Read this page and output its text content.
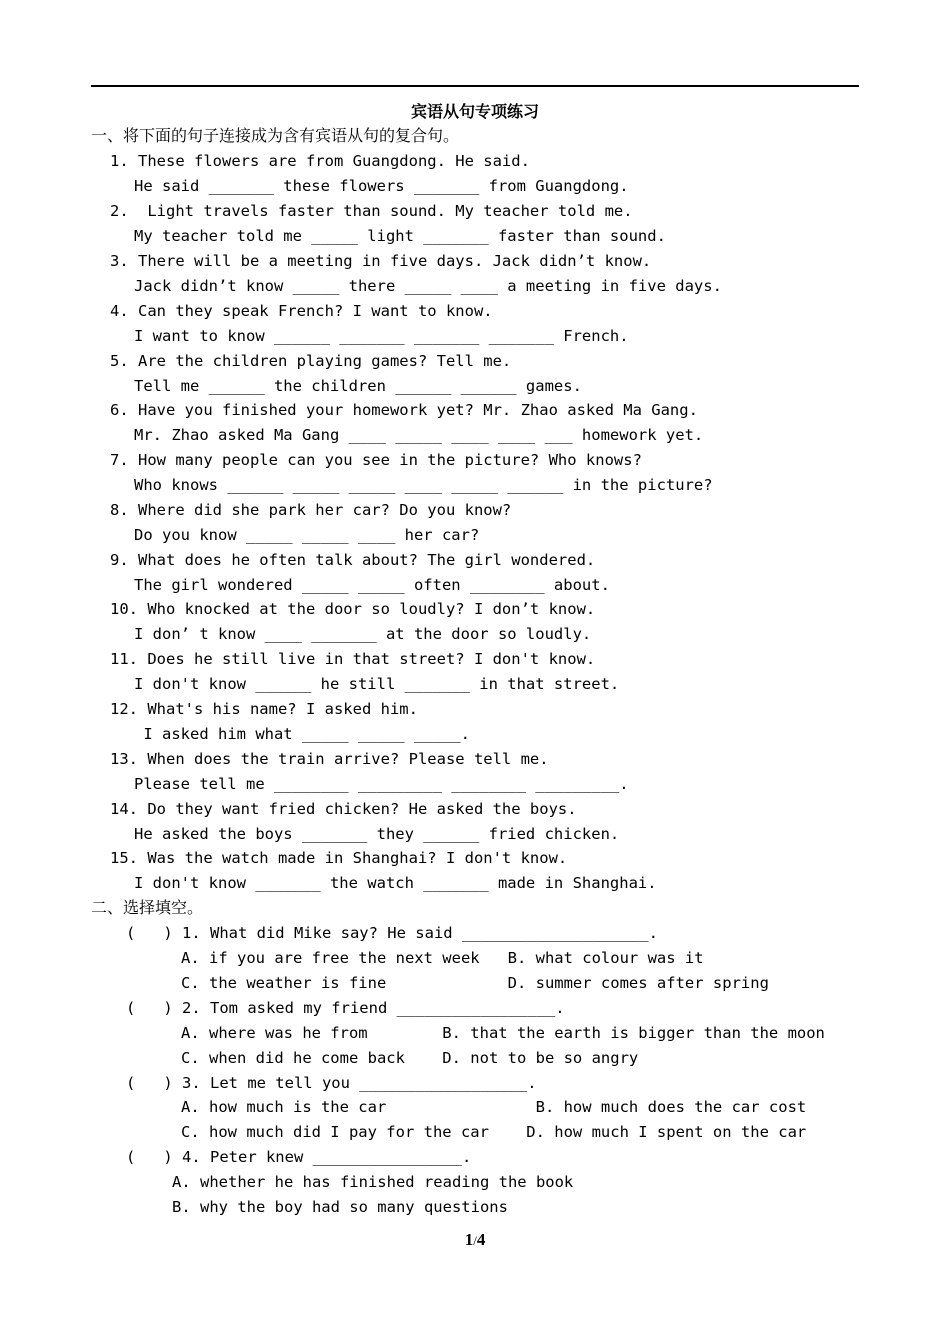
宾语从句专项练习
一、将下面的句子连接成为含有宾语从句的复合句。
1. These flowers are from Guangdong. He said.
He said _______ these flowers _______ from Guangdong.
2.  Light travels faster than sound. My teacher told me.
My teacher told me _____ light _______ faster than sound.
3. There will be a meeting in five days. Jack didn’t know.
Jack didn’t know _____ there _____ ____ a meeting in five days.
4. Can they speak French? I want to know.
I want to know ______ _______ _______ _______ French.
5. Are the children playing games? Tell me.
Tell me ______ the children ______ ______ games.
6. Have you finished your homework yet? Mr. Zhao asked Ma Gang.
Mr. Zhao asked Ma Gang ____ _____ ____ ____ ___ homework yet.
7. How many people can you see in the picture? Who knows?
Who knows ______ _____ _____ ____ _____ ______ in the picture?
8. Where did she park her car? Do you know?
Do you know _____ _____ ____ her car?
9. What does he often talk about? The girl wondered.
The girl wondered _____ _____ often ________ about.
10. Who knocked at the door so loudly? I don’t know.
I don’ t know ____ _______ at the door so loudly.
11. Does he still live in that street? I don't know.
I don't know ______ he still _______ in that street.
12. What's his name? I asked him.
I asked him what _____ _____ _____.
13. When does the train arrive? Please tell me.
Please tell me ________ _________ ________ _________.
14. Do they want fried chicken? He asked the boys.
He asked the boys _______ they ______ fried chicken.
15. Was the watch made in Shanghai? I don't know.
I don't know _______ the watch _______ made in Shanghai.
二、选择填空。
(   ) 1. What did Mike say? He said ____________________.
A. if you are free the next week   B. what colour was it
C. the weather is fine             D. summer comes after spring
(   ) 2. Tom asked my friend _________________.
A. where was he from        B. that the earth is bigger than the moon
C. when did he come back    D. not to be so angry
(   ) 3. Let me tell you __________________.
A. how much is the car                B. how much does the car cost
C. how much did I pay for the car    D. how much I spent on the car
(   ) 4. Peter knew ________________.
A. whether he has finished reading the book
B. why the boy had so many questions
1/4
